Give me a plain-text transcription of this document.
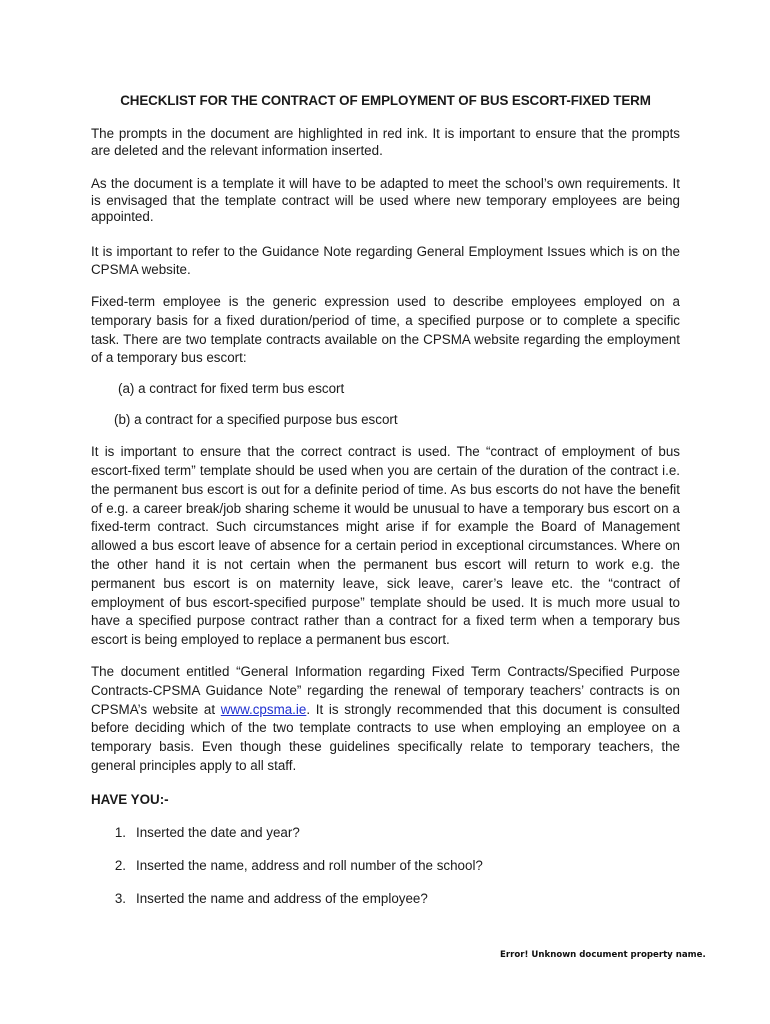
CHECKLIST FOR THE CONTRACT OF EMPLOYMENT OF BUS ESCORT-FIXED TERM

The prompts in the document are highlighted in red ink. It is important to ensure that the prompts are deleted and the relevant information inserted.

As the document is a template it will have to be adapted to meet the school’s own requirements. It is envisaged that the template contract will be used where new temporary employees are being appointed.

It is important to refer to the Guidance Note regarding General Employment Issues which is on the CPSMA website.

Fixed-term employee is the generic expression used to describe employees employed on a temporary basis for a fixed duration/period of time, a specified purpose or to complete a specific task. There are two template contracts available on the CPSMA website regarding the employment of a temporary bus escort:

(a) a contract for fixed term bus escort
(b) a contract for a specified purpose bus escort

It is important to ensure that the correct contract is used. The “contract of employment of bus escort-fixed term” template should be used when you are certain of the duration of the contract i.e. the permanent bus escort is out for a definite period of time. As bus escorts do not have the benefit of e.g. a career break/job sharing scheme it would be unusual to have a temporary bus escort on a fixed-term contract. Such circumstances might arise if for example the Board of Management allowed a bus escort leave of absence for a certain period in exceptional circumstances. Where on the other hand it is not certain when the permanent bus escort will return to work e.g. the permanent bus escort is on maternity leave, sick leave, carer’s leave etc. the “contract of employment of bus escort-specified purpose” template should be used. It is much more usual to have a specified purpose contract rather than a contract for a fixed term when a temporary bus escort is being employed to replace a permanent bus escort.

The document entitled “General Information regarding Fixed Term Contracts/Specified Purpose Contracts-CPSMA Guidance Note” regarding the renewal of temporary teachers’ contracts is on CPSMA’s website at www.cpsma.ie. It is strongly recommended that this document is consulted before deciding which of the two template contracts to use when employing an employee on a temporary basis. Even though these guidelines specifically relate to temporary teachers, the general principles apply to all staff.

HAVE YOU:-
1. Inserted the date and year?
2. Inserted the name, address and roll number of the school?
3. Inserted the name and address of the employee?
Error! Unknown document property name.
